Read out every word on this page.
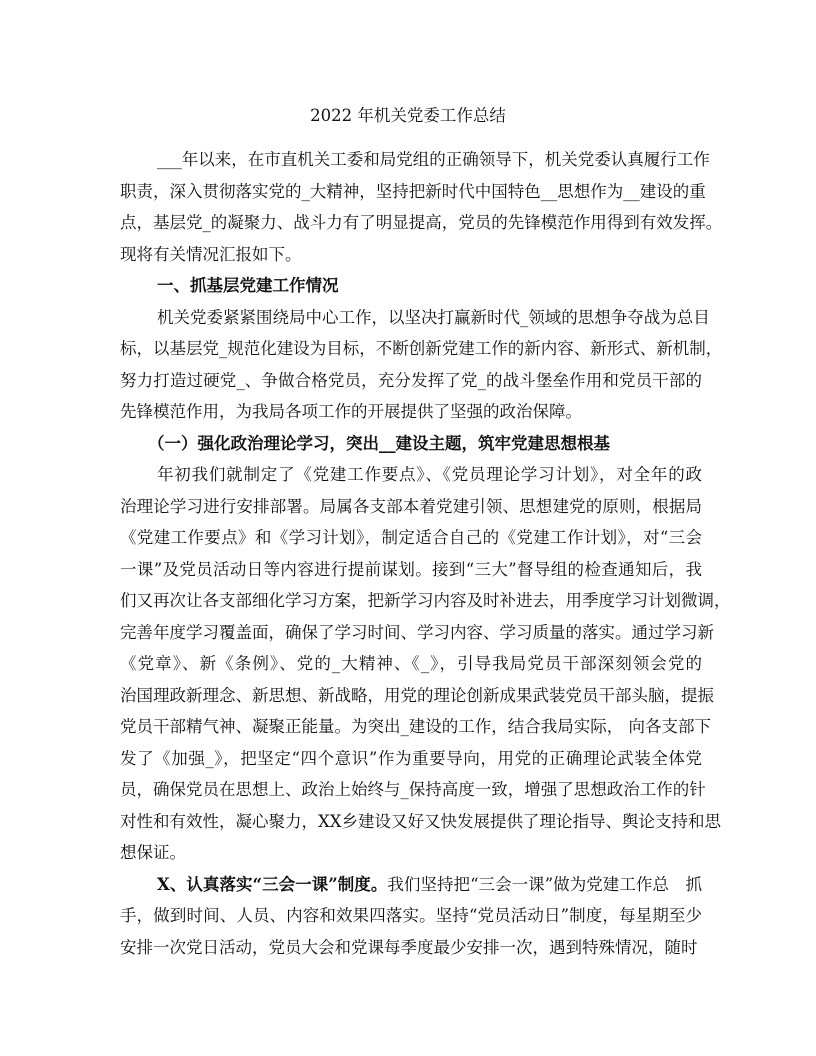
2022 年机关党委工作总结
___年以来，在市直机关工委和局党组的正确领导下，机关党委认真履行工作
职责，深入贯彻落实党的_大精神，坚持把新时代中国特色__思想作为__建设的重
点，基层党_的凝聚力、战斗力有了明显提高，党员的先锋模范作用得到有效发挥。
现将有关情况汇报如下。
一、抓基层党建工作情况
机关党委紧紧围绕局中心工作，以坚决打赢新时代_领域的思想争夺战为总目
标，以基层党_规范化建设为目标，不断创新党建工作的新内容、新形式、新机制，
努力打造过硬党_、争做合格党员，充分发挥了党_的战斗堡垒作用和党员干部的
先锋模范作用，为我局各项工作的开展提供了坚强的政治保障。
（一）强化政治理论学习，突出__建设主题，筑牢党建思想根基
年初我们就制定了《党建工作要点》、《党员理论学习计划》，对全年的政
治理论学习进行安排部署。局属各支部本着党建引领、思想建党的原则，根据局
《党建工作要点》和《学习计划》，制定适合自己的《党建工作计划》，对“三会
一课”及党员活动日等内容进行提前谋划。接到“三大”督导组的检查通知后，我
们又再次让各支部细化学习方案，把新学习内容及时补进去，用季度学习计划微调，
完善年度学习覆盖面，确保了学习时间、学习内容、学习质量的落实。通过学习新
《党章》、新《条例》、党的_大精神、《_》，引导我局党员干部深刻领会党的
治国理政新理念、新思想、新战略，用党的理论创新成果武装党员干部头脑，提振
党员干部精气神、凝聚正能量。为突出_建设的工作，结合我局实际， 向各支部下
发了《加强_》，把坚定“四个意识”作为重要导向，用党的正确理论武装全体党
员，确保党员在思想上、政治上始终与_保持高度一致，增强了思想政治工作的针
对性和有效性，凝心聚力，XX乡建设又好又快发展提供了理论指导、舆论支持和思
想保证。
X、认真落实“三会一课”制度。我们坚持把“三会一课”做为党建工作总　抓
手，做到时间、人员、内容和效果四落实。坚持“党员活动日”制度，每星期至少
安排一次党日活动，党员大会和党课每季度最少安排一次，遇到特殊情况，随时
